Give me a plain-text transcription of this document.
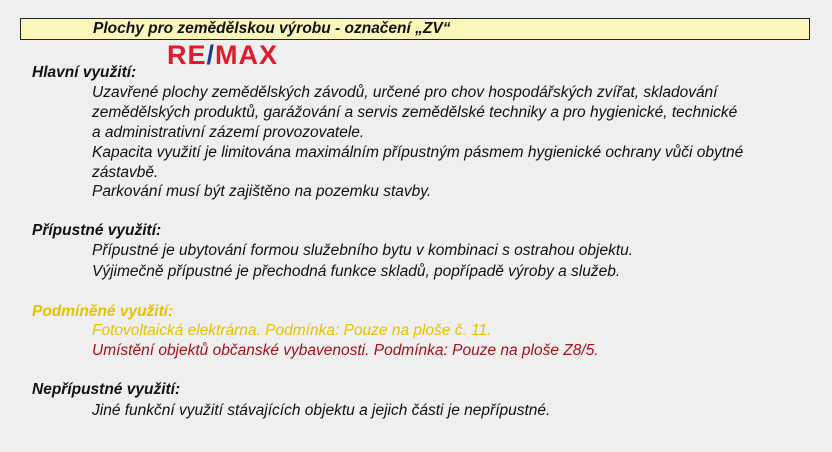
Plochy pro zemědělskou výrobu - označení „ZV“
RE/MAX
Hlavní využití:
Uzavřené plochy zemědělských závodů, určené pro chov hospodářských zvířat, skladování
zemědělských produktů, garážování a servis zemědělské techniky a pro hygienické, technické
a administrativní zázemí provozovatele.
Kapacita využití je limitována maximálním přípustným pásmem hygienické ochrany vůči obytné
zástavbě.
Parkování musí být zajištěno na pozemku stavby.
Přípustné využití:
Přípustné je ubytování formou služebního bytu v kombinaci s ostrahou objektu.
Výjimečně přípustné je přechodná funkce skladů, popřípadě výroby a služeb.
Podmíněné využití:
Fotovoltaická elektrárna. Podmínka: Pouze na ploše č. 11.
Umístění objektů občanské vybavenosti. Podmínka: Pouze na ploše Z8/5.
Nepřípustné využití:
Jiné funkční využití stávajících objektu a jejich části je nepřípustné.
